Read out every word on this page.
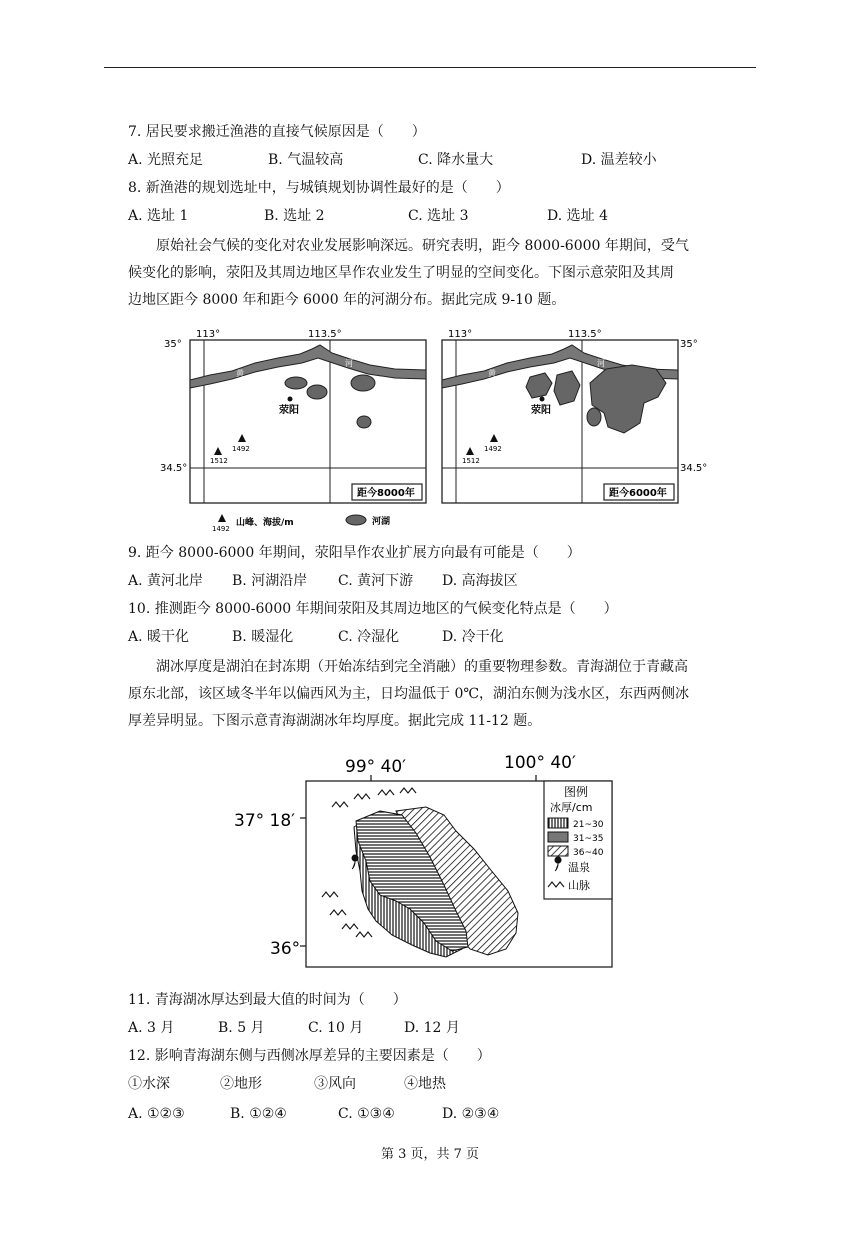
7. 居民要求搬迁渔港的直接气候原因是（　　）
A. 光照充足	B. 气温较高	C. 降水量大	D. 温差较小
8. 新渔港的规划选址中，与城镇规划协调性最好的是（　　）
A. 选址 1	B. 选址 2	C. 选址 3	D. 选址 4
原始社会气候的变化对农业发展影响深远。研究表明，距今 8000-6000 年期间，受气
候变化的影响，荥阳及其周边地区旱作农业发生了明显的空间变化。下图示意荥阳及其周
边地区距今 8000 年和距今 6000 年的河湖分布。据此完成 9-10 题。
黄
河
荥阳
1492
1512
113°	113.5°
35°
34.5°
距今8000年
黄
河
荥阳
1492
1512
113°	113.5°
35°
34.5°
距今6000年
1492
山峰、海拔/m	河湖
9. 距今 8000-6000 年期间，荥阳旱作农业扩展方向最有可能是（　　）
A. 黄河北岸 B. 河湖沿岸 C. 黄河下游 D. 高海拔区
10. 推测距今 8000-6000 年期间荥阳及其周边地区的气候变化特点是（　　）
A. 暖干化	B. 暖湿化	C. 冷湿化	D. 冷干化
湖冰厚度是湖泊在封冻期（开始冻结到完全消融）的重要物理参数。青海湖位于青藏高
原东北部，该区域冬半年以偏西风为主，日均温低于 0℃，湖泊东侧为浅水区，东西两侧冰
厚差异明显。下图示意青海湖湖冰年均厚度。据此完成 11-12 题。
99° 40′	100° 40′
37° 18′
36°
图例
冰厚/cm
21~30
31~35
36~40
温泉
山脉
11. 青海湖冰厚达到最大值的时间为（　　）
A. 3 月	B. 5 月	C. 10 月	D. 12 月
12. 影响青海湖东侧与西侧冰厚差异的主要因素是（　　）
①水深	②地形	③风向	④地热
A. ①②③	B. ①②④	C. ①③④	D. ②③④
第 3 页，共 7 页
